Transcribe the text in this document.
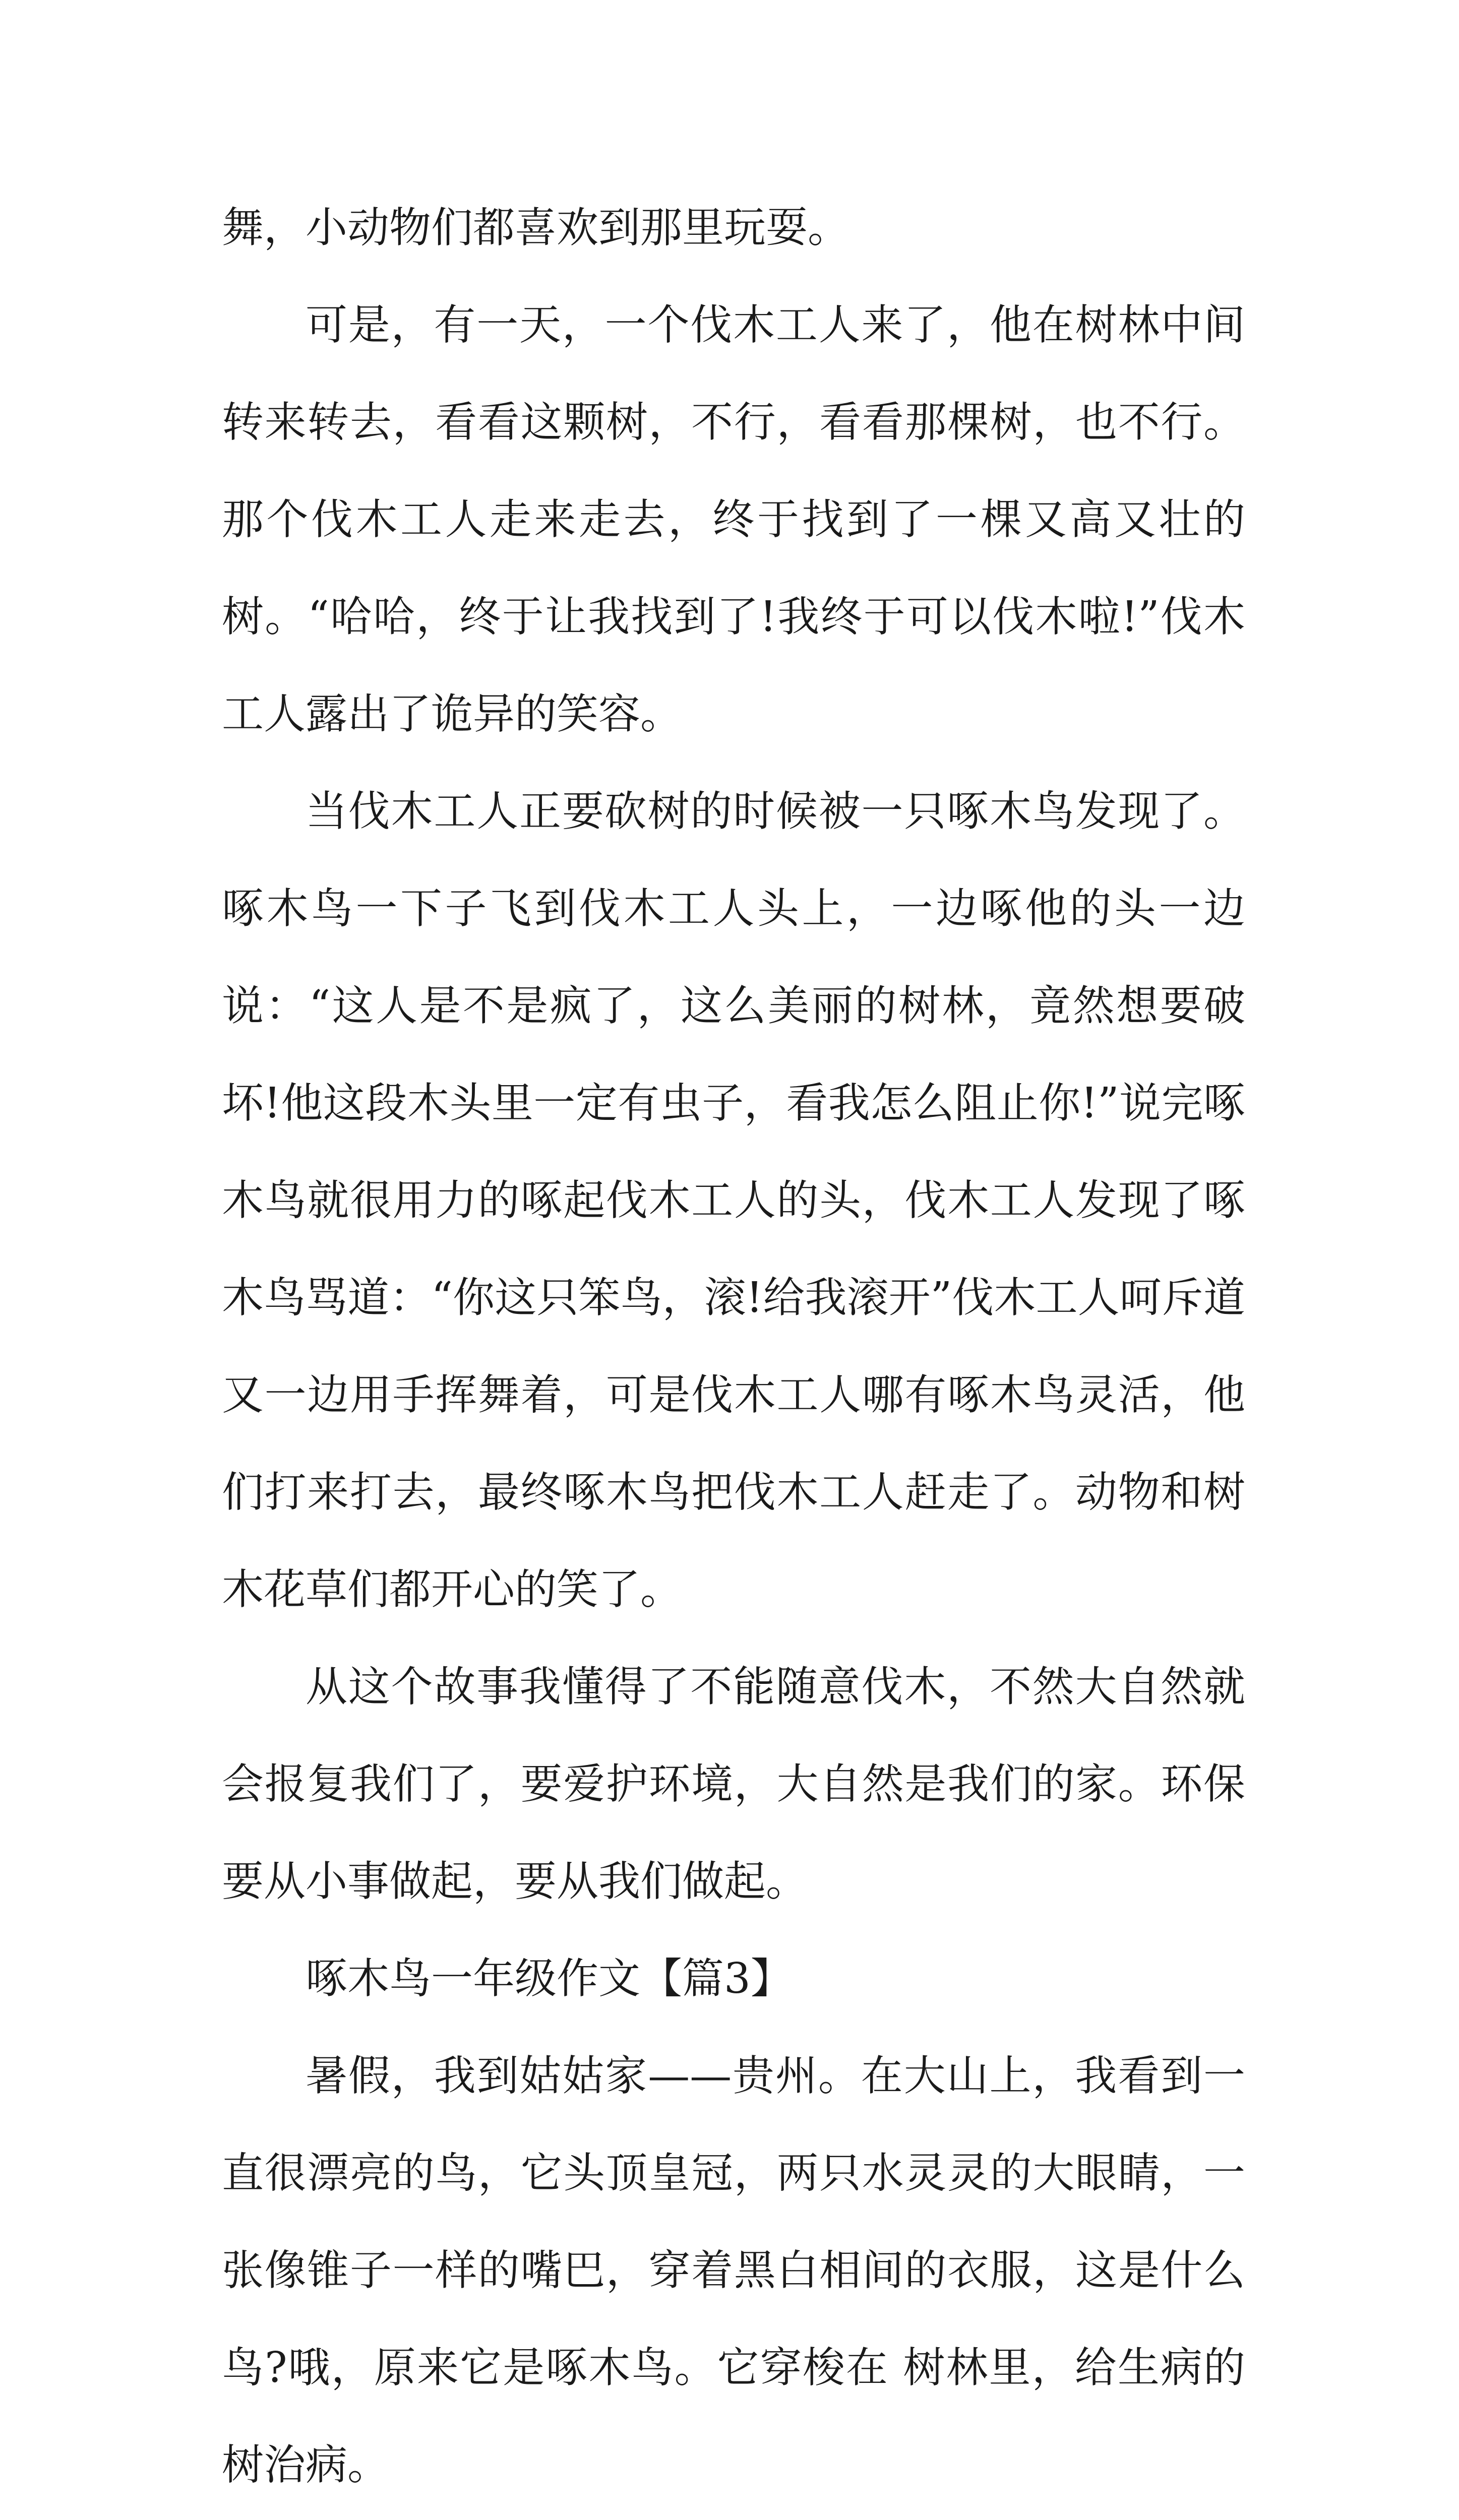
舞，小动物们都喜欢到那里玩耍。

可是，有一天，一个伐木工人来了，他在树林中间转来转去，看看这颗树，不行，看看那棵树，也不行。那个伐木工人走来走去，终于找到了一棵又高又壮的树。“哈哈，终于让我找到了!我终于可以伐木啦!”伐木工人露出了诡异的笑容。

当伐木工人正要砍树的时候被一只啄木鸟发现了。啄木鸟一下子飞到伐木工人头上，一边啄他的头一边说：“这人是不是疯了，这么美丽的树林，竟然想要破坏!他这段木头里一定有虫子，看我怎么阻止你!”说完啄木鸟就很用力的啄起伐木工人的头，伐木工人发现了啄木鸟骂道：“你这只笨鸟，滚!给我滚开”伐木工人呵斥道又一边用手挥舞着，可是伐木工人哪有啄木鸟灵活，他们打来打去，最终啄木鸟把伐木工人赶走了。动物和树木花草们都开心的笑了。

从这个故事我懂得了不能随意伐木，不然大自然就会报复我们了，要爱护环境，大自然是我们的家。环保要从小事做起，要从我们做起。

啄木鸟一年级作文【篇3】

暑假，我到姑姑家——贵州。在大山上，我看到一直很漂亮的鸟，它头顶皇冠，两只水灵灵的大眼睛，一张像锥子一样的嘴巴，穿着黑白相间的衣服，这是什么鸟?哦，原来它是啄木鸟。它穿梭在 树林里，给生病的树治病。
